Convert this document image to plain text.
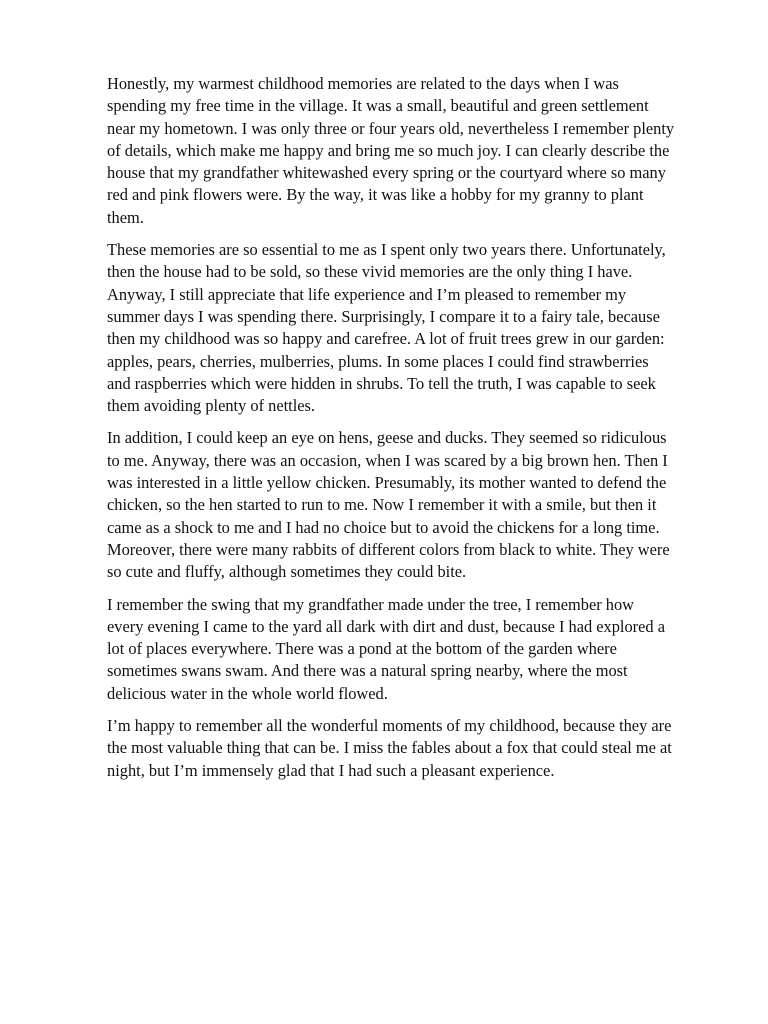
Honestly, my warmest childhood memories are related to the days when I was
spending my free time in the village. It was a small, beautiful and green settlement
near my hometown. I was only three or four years old, nevertheless I remember plenty
of details, which make me happy and bring me so much joy. I can clearly describe the
house that my grandfather whitewashed every spring or the courtyard where so many
red and pink flowers were. By the way, it was like a hobby for my granny to plant
them.

These memories are so essential to me as I spent only two years there. Unfortunately,
then the house had to be sold, so these vivid memories are the only thing I have.
Anyway, I still appreciate that life experience and I’m pleased to remember my
summer days I was spending there. Surprisingly, I compare it to a fairy tale, because
then my childhood was so happy and carefree. A lot of fruit trees grew in our garden:
apples, pears, cherries, mulberries, plums. In some places I could find strawberries
and raspberries which were hidden in shrubs. To tell the truth, I was capable to seek
them avoiding plenty of nettles.

In addition, I could keep an eye on hens, geese and ducks. They seemed so ridiculous
to me. Anyway, there was an occasion, when I was scared by a big brown hen. Then I
was interested in a little yellow chicken. Presumably, its mother wanted to defend the
chicken, so the hen started to run to me. Now I remember it with a smile, but then it
came as a shock to me and I had no choice but to avoid the chickens for a long time.
Moreover, there were many rabbits of different colors from black to white. They were
so cute and fluffy, although sometimes they could bite.

I remember the swing that my grandfather made under the tree, I remember how
every evening I came to the yard all dark with dirt and dust, because I had explored a
lot of places everywhere. There was a pond at the bottom of the garden where
sometimes swans swam. And there was a natural spring nearby, where the most
delicious water in the whole world flowed.

I’m happy to remember all the wonderful moments of my childhood, because they are
the most valuable thing that can be. I miss the fables about a fox that could steal me at
night, but I’m immensely glad that I had such a pleasant experience.
